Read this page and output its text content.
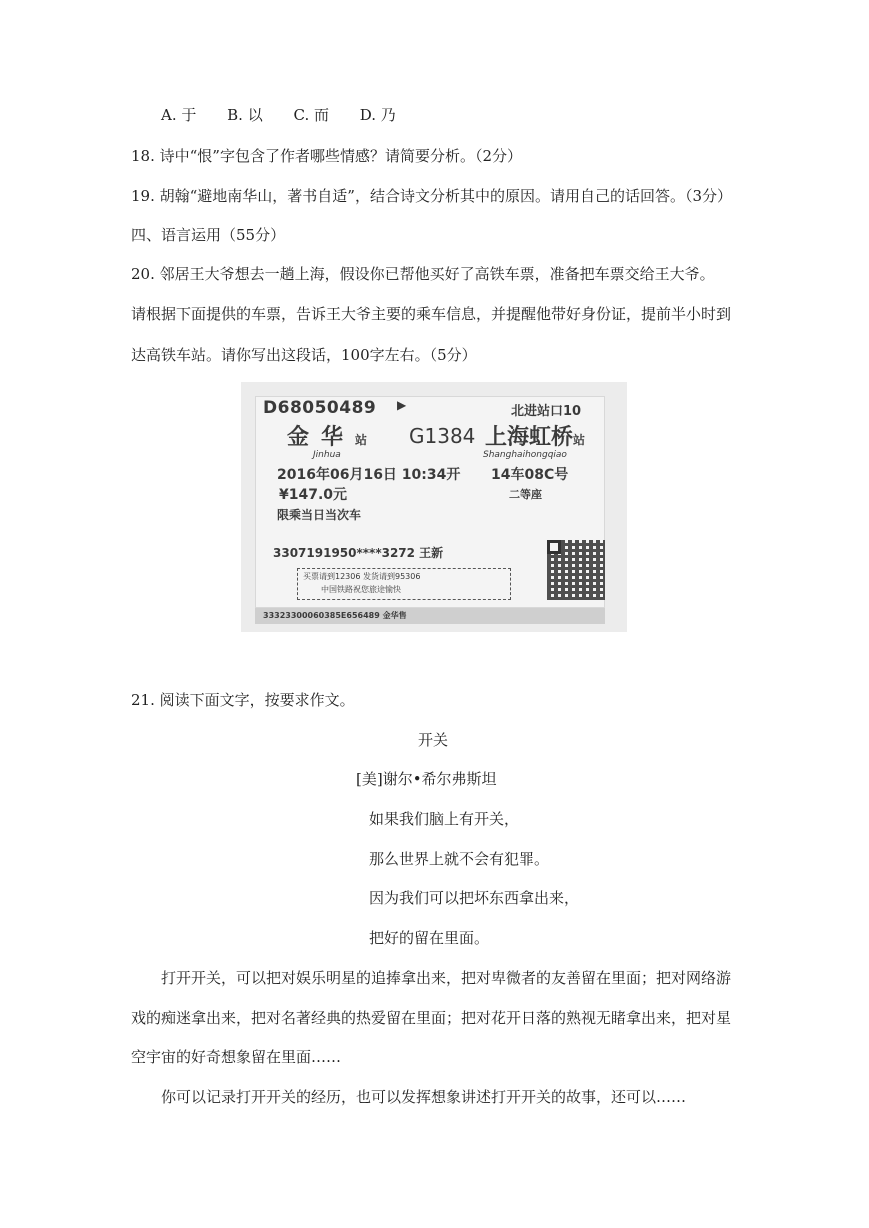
A. 于 B. 以 C. 而 D. 乃
18. 诗中“恨”字包含了作者哪些情感？请简要分析。（2分）
19. 胡翰“避地南华山，著书自适”，结合诗文分析其中的原因。请用自己的话回答。（3分）
四、语言运用（55分）
20. 邻居王大爷想去一趟上海，假设你已帮他买好了高铁车票，准备把车票交给王大爷。
请根据下面提供的车票，告诉王大爷主要的乘车信息，并提醒他带好身份证，提前半小时到
达高铁车站。请你写出这段话，100字左右。（5分）
D68050489 ▶	北进站口10
金华站 G1384 上海虹桥站
Jinhua	Shanghaihongqiao
2016年06月16日 10:34开 14车08C号
¥147.0元	二等座
限乘当日当次车
3307191950****3272 王新
买票请到12306 发货请到95306
中国铁路祝您旅途愉快
33323300060385E656489 金华售
21. 阅读下面文字，按要求作文。
开关
[美]谢尔•希尔弗斯坦
如果我们脑上有开关，
那么世界上就不会有犯罪。
因为我们可以把坏东西拿出来，
把好的留在里面。
打开开关，可以把对娱乐明星的追捧拿出来，把对卑微者的友善留在里面；把对网络游
戏的痴迷拿出来，把对名著经典的热爱留在里面；把对花开日落的熟视无睹拿出来，把对星
空宇宙的好奇想象留在里面……
你可以记录打开开关的经历，也可以发挥想象讲述打开开关的故事，还可以……
